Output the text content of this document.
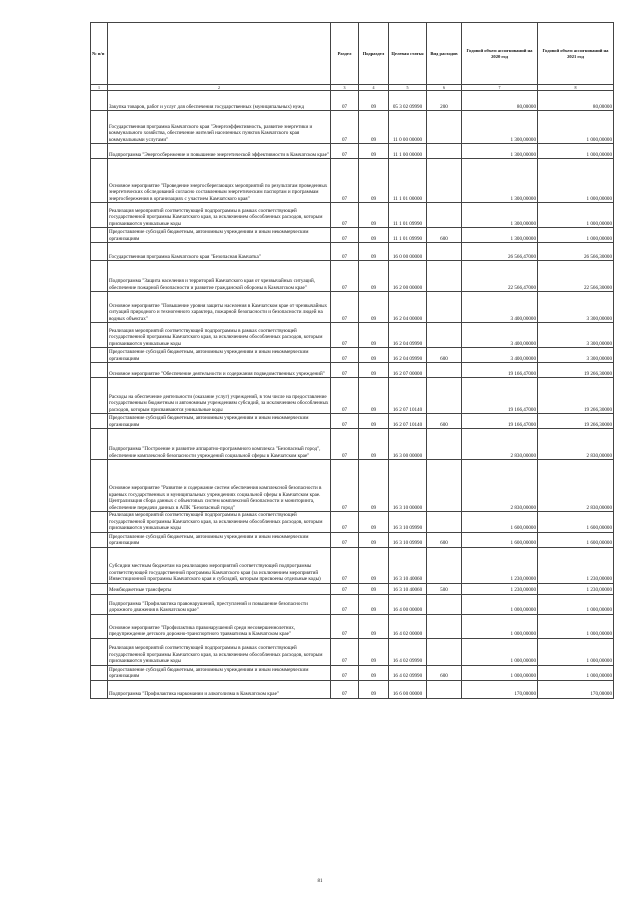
№ п/п		Раздел	Подраздел	Целевая статья	Вид расходов	Годовой объем ассигнований на 2020 год	Годовой объем ассигнований на 2021 год
1	2	3	4	5	6	7	8
	Закупка товаров, работ и услуг для обеспечения государственных (муниципальных) нужд	07	09	05 3 02 09990	200	80,00000	80,00000
	Государственная программа Камчатского края "Энергоэффективность, развитие энергетики и коммунального хозяйства, обеспечение жителей населенных пунктов Камчатского края коммунальными услугами"	07	09	11 0 00 00000		1 300,00000	1 000,00000
	Подпрограмма "Энергосбережение и повышение энергетической эффективности в Камчатском крае"	07	09	11 1 00 00000		1 300,00000	1 000,00000
	Основное мероприятие "Проведение энергосберегающих мероприятий по результатам проведенных энергетических обследований согласно составленным энергетическим паспортам и программам энергосбережения в организациях с участием Камчатского края"	07	09	11 1 01 00000		1 300,00000	1 000,00000
	Реализация мероприятий соответствующей подпрограммы в рамках соответствующей государственной программы Камчатского края, за исключением обособленных расходов, которым присваиваются уникальные коды	07	09	11 1 01 09990		1 300,00000	1 000,00000
	Предоставление субсидий бюджетным, автономным учреждениям и иным некоммерческим организациям	07	09	11 1 01 09990	600	1 300,00000	1 000,00000
	Государственная программа Камчатского края "Безопасная Камчатка"	07	09	16 0 00 00000		26 566,47000	26 566,30000
	Подпрограмма "Защита населения и территорий Камчатского края от чрезвычайных ситуаций, обеспечение пожарной безопасности и развитие гражданской обороны в Камчатском крае"	07	09	16 2 00 00000		22 566,47000	22 566,30000
	Основное мероприятие "Повышение уровня защиты населения в Камчатском крае от чрезвычайных ситуаций природного и техногенного характера, пожарной безопасности и безопасности людей на водных объектах"	07	09	16 2 04 00000		3 400,00000	3 300,00000
	Реализация мероприятий соответствующей подпрограммы в рамках соответствующей государственной программы Камчатского края, за исключением обособленных расходов, которым присваиваются уникальные коды	07	09	16 2 04 09990		3 400,00000	3 300,00000
	Предоставление субсидий бюджетным, автономным учреждениям и иным некоммерческим организациям	07	09	16 2 04 09990	600	3 400,00000	3 300,00000
	Основное мероприятие "Обеспечение деятельности и содержания подведомственных учреждений"	07	09	16 2 07 00000		19 166,47000	19 266,30000
	Расходы на обеспечение деятельности (оказание услуг) учреждений, в том числе на предоставление государственным бюджетным и автономным учреждениям субсидий, за исключением обособленных расходов, которым присваиваются уникальные коды	07	09	16 2 07 10140		19 166,47000	19 266,30000
	Предоставление субсидий бюджетным, автономным учреждениям и иным некоммерческим организациям	07	09	16 2 07 10140	600	19 166,47000	19 266,30000
	Подпрограмма "Построение и развитие аппаратно-программного комплекса "Безопасный город", обеспечение комплексной безопасности учреждений социальной сферы в Камчатском крае"	07	09	16 3 00 00000		2 830,00000	2 830,00000
	Основное мероприятие "Развитие и содержание систем обеспечения комплексной безопасности в краевых государственных и муниципальных учреждениях социальной сферы в Камчатском крае. Централизация сбора данных с объектовых систем комплексной безопасности и мониторинга, обеспечение передачи данных в АПК "Безопасный город"	07	09	16 3 10 00000		2 830,00000	2 830,00000
	Реализация мероприятий соответствующей подпрограммы в рамках соответствующей государственной программы Камчатского края, за исключением обособленных расходов, которым присваиваются уникальные коды	07	09	16 3 10 09990		1 600,00000	1 600,00000
	Предоставление субсидий бюджетным, автономным учреждениям и иным некоммерческим организациям	07	09	16 3 10 09990	600	1 600,00000	1 600,00000
	Субсидии местным бюджетам на реализацию мероприятий соответствующей подпрограммы соответствующей государственной программы Камчатского края (за исключением мероприятий Инвестиционной программы Камчатского края и субсидий, которым присвоены отдельные коды)	07	09	16 3 10 40060		1 230,00000	1 230,00000
	Межбюджетные трансферты	07	09	16 3 10 40060	500	1 230,00000	1 230,00000
	Подпрограмма "Профилактика правонарушений, преступлений и повышение безопасности дорожного движения в Камчатском крае"	07	09	16 4 00 00000		1 000,00000	1 000,00000
	Основное мероприятие "Профилактика правонарушений среди несовершеннолетних, предупреждение детского дорожно-транспортного травматизма в Камчатском крае"	07	09	16 4 02 00000		1 000,00000	1 000,00000
	Реализация мероприятий соответствующей подпрограммы в рамках соответствующей государственной программы Камчатского края, за исключением обособленных расходов, которым присваиваются уникальные коды	07	09	16 4 02 09990		1 000,00000	1 000,00000
	Предоставление субсидий бюджетным, автономным учреждениям и иным некоммерческим организациям	07	09	16 4 02 09990	600	1 000,00000	1 000,00000
	Подпрограмма "Профилактика наркомании и алкоголизма в Камчатском крае"	07	09	16 6 00 00000		170,00000	170,00000
81
